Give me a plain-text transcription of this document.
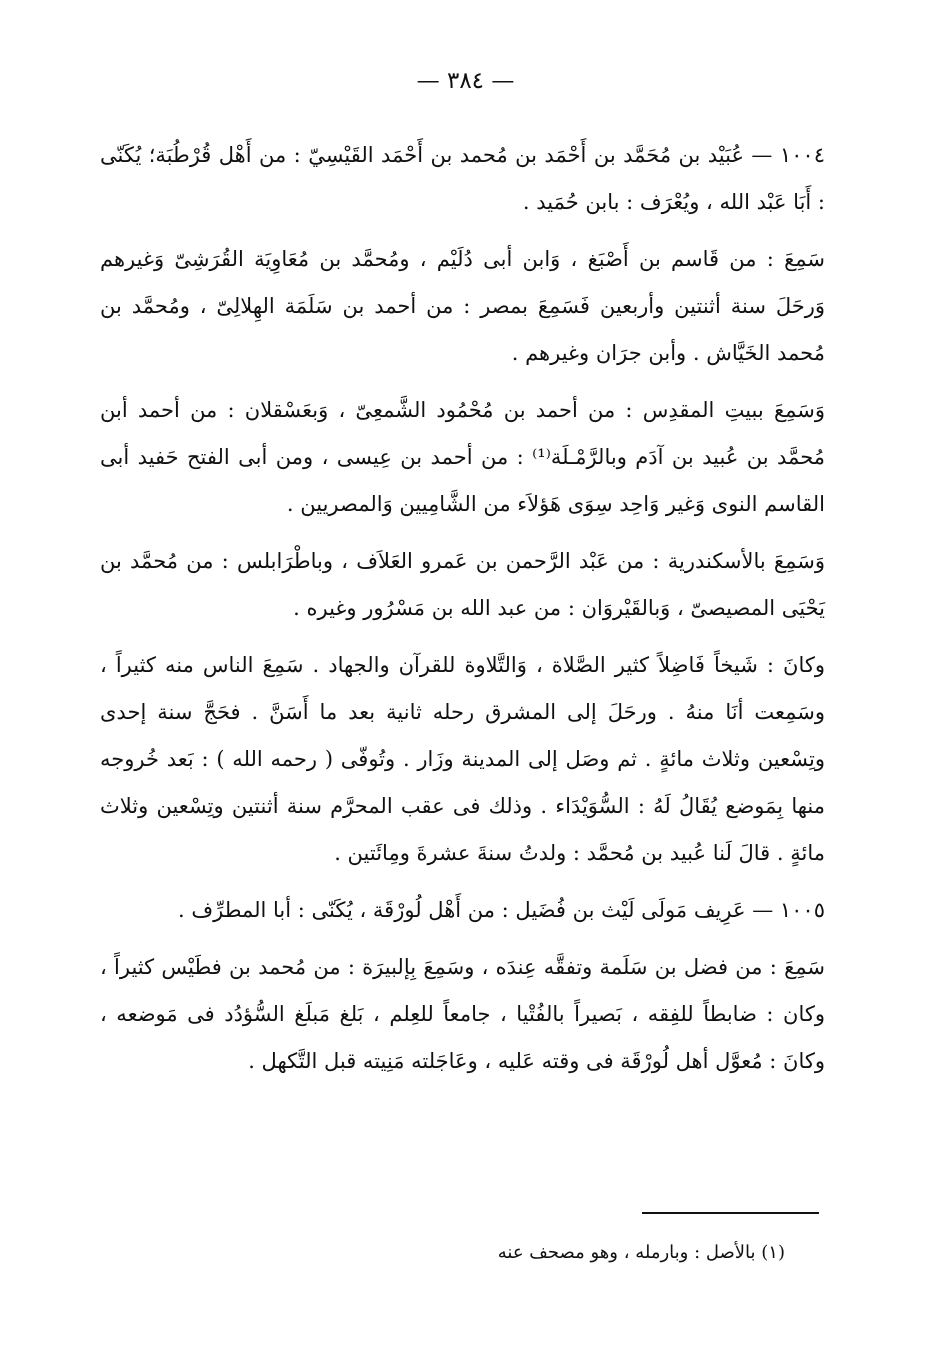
— ٣٨٤ —

١٠٠٤ — عُبَيْد بن مُحَمَّد بن أَحْمَد بن مُحمد بن أَحْمَد القَيْسِيّ : من أَهْل قُرْطُبَة؛ يُكَنّى : أَبَا عَبْد الله ، ويُعْرَف : بابن حُمَيد .

سَمِعَ : من قَاسم بن أَصْبَغ ، وَابن أبى دُلَيْم ، ومُحمَّد بن مُعَاوِيَة القُرَشِىّ وَغيرهم وَرحَلَ سنة أثنتين وأربعين فَسَمِعَ بمصر : من أحمد بن سَلَمَة الهِلالِىّ ، ومُحمَّد بن مُحمد الخَيَّاش . وأبن جرَان وغيرهم .

وَسَمِعَ ببيتِ المقدِس : من أحمد بن مُحْمُود الشَّمعِىّ ، وَبعَسْقلان : من أحمد أبن مُحمَّد بن عُبيد بن آدَم وبالرَّمْـلَة⁽¹⁾ : من أحمد بن عِيسى ، ومن أبى الفتح حَفيد أبى القاسم النوى وَغير وَاحِد سِوَى هَؤلاَء من الشَّامِيين وَالمصريين .

وَسَمِعَ بالأسكندرية : من عَبْد الرَّحمن بن عَمرو العَلاَف ، وباطْرَابلس : من مُحمَّد بن يَحْيَى المصيصىّ ، وَبالقَيْروَان : من عبد الله بن مَسْرُور وغيره .

وكانَ : شَيخاً فَاضِلاً كثير الصَّلاة ، وَالتَّلاوة للقرآن والجهاد . سَمِعَ الناس منه كثيراً ، وسَمِعت أنَا منهُ . ورحَلَ إلى المشرق رحله ثانية بعد ما أَسَنَّ . فحَجَّ سنة إحدى وتِسْعين وثلاث مائةٍ . ثم وصَل إلى المدينة وزَار . وتُوفّى ( رحمه الله ) : بَعد خُروجه منها بِمَوضع يُقَالُ لَهُ : السُّوَيْدَاء . وذلك فى عقب المحرَّم سنة أثنتين وتِسْعين وثلاث مائةٍ . قالَ لَنا عُبيد بن مُحمَّد : ولدتُ سنةَ عشرةَ ومِائَتين .

١٠٠٥ — عَرِيف مَولَى لَيْث بن فُضَيل : من أَهْل لُورْقَة ، يُكَنّى : أبا المطرِّف .

سَمِعَ : من فضل بن سَلَمة وتفقَّه عِندَه ، وسَمِعَ بِإلبيرَة : من مُحمد بن فطَيْس كثيراً ، وكان : ضابطاً للفِقه ، بَصيراً بالفُتْيا ، جامعاً للعِلم ، بَلغ مَبلَغ السُّؤدُد فى مَوضعه ، وكانَ : مُعوَّل أهل لُورْقَة فى وقته عَليه ، وعَاجَلته مَنِيته قبل التَّكهل .

(١) بالأصل : وبارمله ، وهو مصحف عنه
